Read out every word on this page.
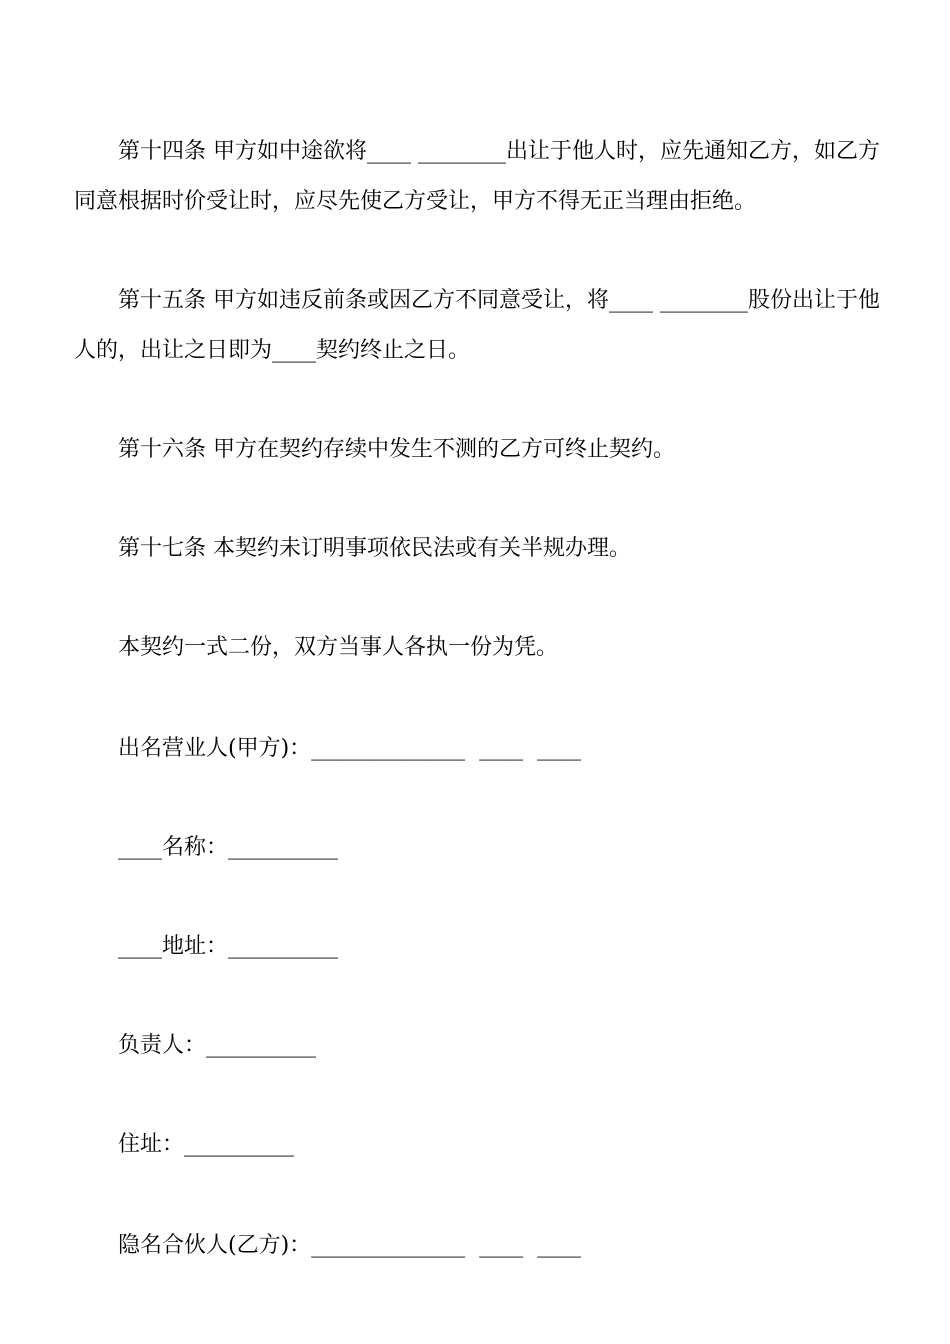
第十四条 甲方如中途欲将____ ________出让于他人时，应先通知乙方，如乙方同意根据时价受让时，应尽先使乙方受让，甲方不得无正当理由拒绝。

第十五条 甲方如违反前条或因乙方不同意受让，将____ ________股份出让于他人的，出让之日即为____契约终止之日。

第十六条 甲方在契约存续中发生不测的乙方可终止契约。

第十七条 本契约未订明事项依民法或有关半规办理。

本契约一式二份，双方当事人各执一份为凭。

出名营业人(甲方)：______________  ____  ____

____名称：__________

____地址：__________

负责人：__________

住址：__________

隐名合伙人(乙方)：______________  ____  ____
